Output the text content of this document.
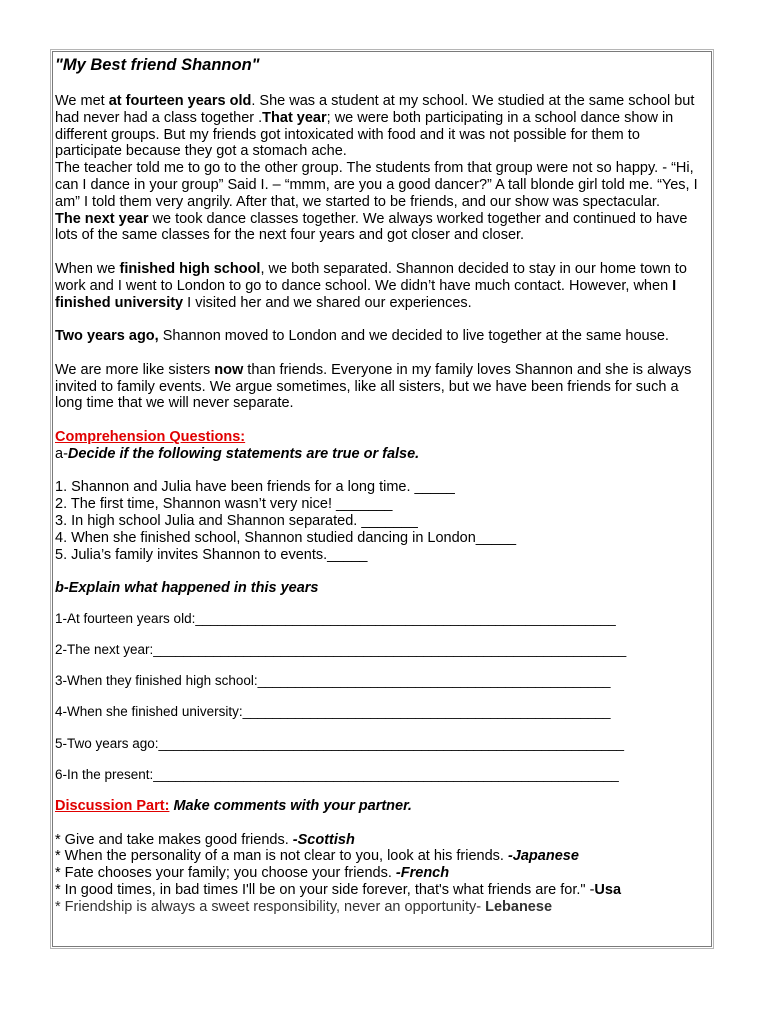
"My Best friend Shannon"

We met at fourteen years old. She was a student at my school. We studied at the same school but had never had a class together .That year; we were both participating in a school dance show in different groups. But my friends got intoxicated with food and it was not possible for them to participate because they got a stomach ache.

The teacher told me to go to the other group. The students from that group were not so happy. - “Hi, can I dance in your group” Said I. – “mmm, are you a good dancer?” A tall blonde girl told me. “Yes, I am” I told them very angrily. After that, we started to be friends, and our show was spectacular.

The next year we took dance classes together. We always worked together and continued to have lots of the same classes for the next four years and got closer and closer.

When we finished high school, we both separated. Shannon decided to stay in our home town to work and I went to London to go to dance school. We didn’t have much contact. However, when I finished university I visited her and we shared our experiences.

Two years ago, Shannon moved to London and we decided to live together at the same house.

We are more like sisters now than friends. Everyone in my family loves Shannon and she is always invited to family events. We argue sometimes, like all sisters, but we have been friends for such a long time that we will never separate.

Comprehension Questions:

a-Decide if the following statements are true or false.

1. Shannon and Julia have been friends for a long time. _____

2. The first time, Shannon wasn’t very nice! _______

3. In high school Julia and Shannon separated. _______

4. When she finished school, Shannon studied dancing in London_____

5. Julia’s family invites Shannon to events._____

b-Explain what happened in this years

1-At fourteen years old:________________________________________________________

2-The next year:_______________________________________________________________

3-When they finished high school:_______________________________________________

4-When she finished university:_________________________________________________

5-Two years ago:______________________________________________________________

6-In the present:______________________________________________________________

Discussion Part: Make comments with your partner.

* Give and take makes good friends. -Scottish

* When the personality of a man is not clear to you, look at his friends. -Japanese

* Fate chooses your family; you choose your friends. -French

* In good times, in bad times I'll be on your side forever, that's what friends are for." -Usa

* Friendship is always a sweet responsibility, never an opportunity- Lebanese
